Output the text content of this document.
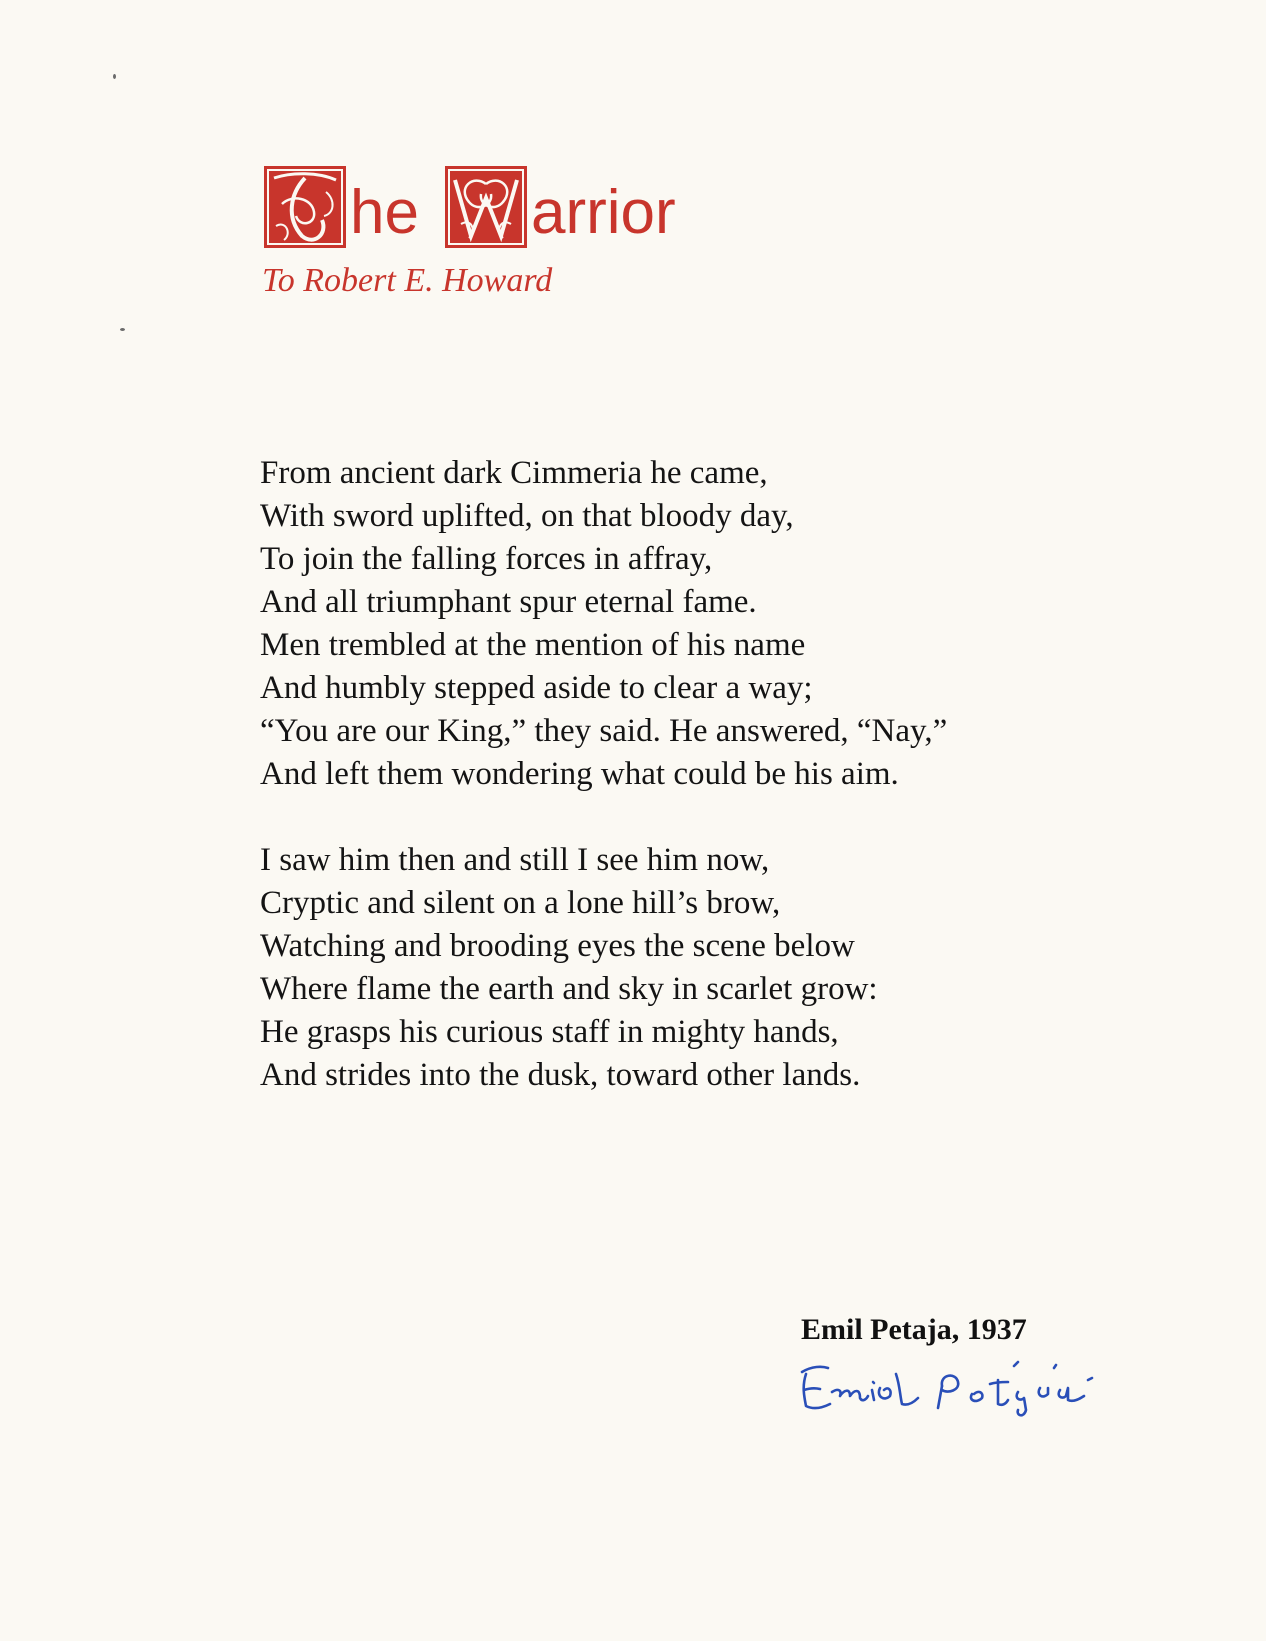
he arrior
To Robert E. Howard
From ancient dark Cimmeria he came,
With sword uplifted, on that bloody day,
To join the falling forces in affray,
And all triumphant spur eternal fame.
Men trembled at the mention of his name
And humbly stepped aside to clear a way;
“You are our King,” they said. He answered, “Nay,”
And left them wondering what could be his aim.
I saw him then and still I see him now,
Cryptic and silent on a lone hill’s brow,
Watching and brooding eyes the scene below
Where flame the earth and sky in scarlet grow:
He grasps his curious staff in mighty hands,
And strides into the dusk, toward other lands.
Emil Petaja, 1937
